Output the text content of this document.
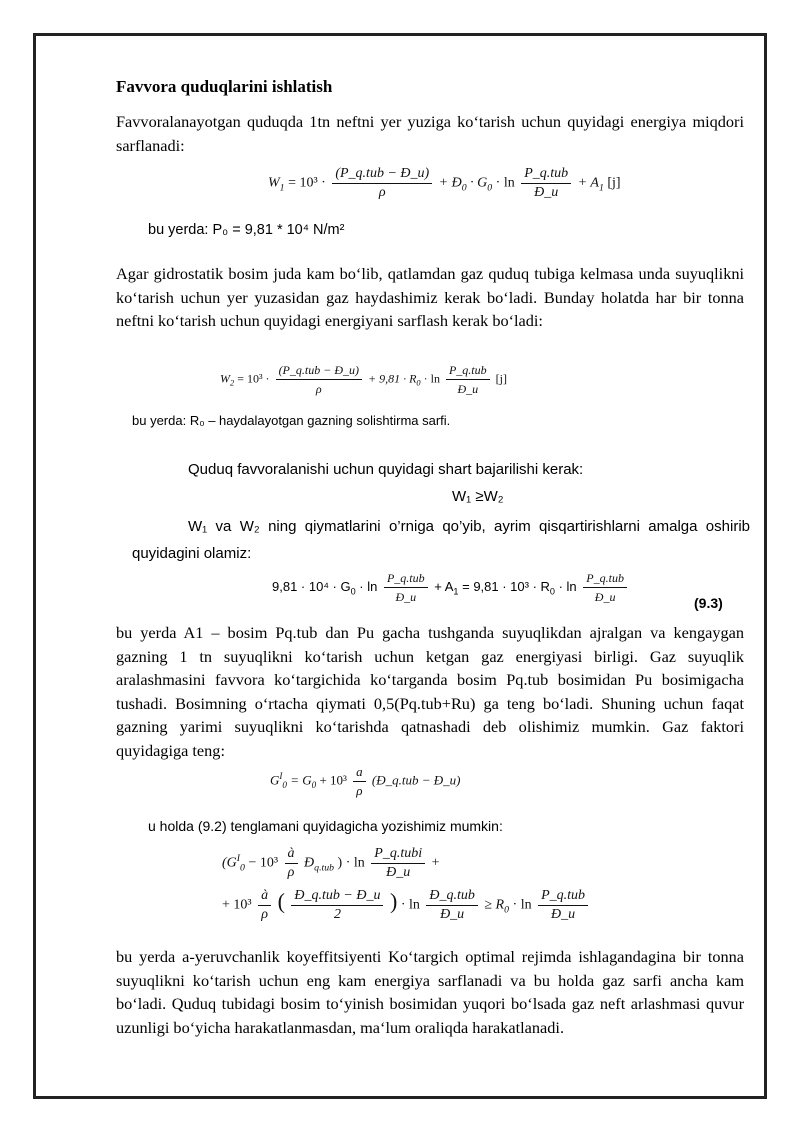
Favvora quduqlarini ishlatish
Favvoralanayotgan quduqda 1tn neftni yer yuziga ko‘tarish uchun quyidagi energiya miqdori sarflanadi:
$W_1 = 10^3 \cdot \frac{\text{(P\_q.tub − Đ\_u)}}{\rho}$ + $Đ_0 \cdot G_0 \cdot \ln \frac{\text{P\_q.tub}}{Đ\_u} + A_1$ [j]
bu yerda: P₀ = 9,81 * 10⁴ N/m²
Agar gidrostatik bosim juda kam bo‘lib, qatlamdan gaz quduq tubiga kelmasa unda suyuqlikni ko‘tarish uchun yer yuzasidan gaz haydashimiz kerak bo‘ladi. Bunday holatda har bir tonna neftni ko‘tarish uchun quyidagi energiyani sarflash kerak bo‘ladi:
$W_2 = 10^3 \cdot \frac{\text{(P\_q.tub − Đ\_u)}}{\rho} + 9,81 \cdot R_0 \cdot \ln \frac{\text{P\_q.tub}}{Đ\_u} [j]$
bu yerda: R₀ – haydalayotgan gazning solishtirma sarfi.
Quduq favvoralanishi uchun quyidagi shart bajarilishi kerak:
W₁ ≥W₂
W₁ va W₂ ning qiymatlarini o’rniga qo’yib, ayrim qisqartirishlarni amalga oshirib quyidagini olamiz:
$9,81 \cdot 10^4 \cdot G_0 \cdot \ln \frac{\text{P\_q.tub}}{Đ\_u} + A_1 = 9,81 \cdot 10^3 \cdot R_0 \cdot \ln \frac{\text{P\_q.tub}}{Đ\_u}$	(9.3)
bu yerda A1 – bosim Pq.tub dan Pu gacha tushganda suyuqlikdan ajralgan va kengaygan gazning 1 tn suyuqlikni ko‘tarish uchun ketgan gaz energiyasi birligi. Gaz suyuqlik aralashmasini favvora ko‘targichida ko‘targanda bosim Pq.tub bosimidan Pu bosimigacha tushadi. Bosimning o‘rtacha qiymati 0,5(Pq.tub+Ru) ga teng bo‘ladi. Shuning uchun faqat gazning yarimi suyuqlikni ko‘tarishda qatnashadi deb olishimiz mumkin. Gaz faktori quyidagiga teng:
$G^I_0 = G_0 + 10^3 \frac{a}{\rho}$ (Đ_q.tub − Đ_u)
u holda (9.2) tenglamani quyidagicha yozishimiz mumkin:
($G^I_0 - 10^3 \frac{à}{\rho}$ $Đ_{q.tub}$ ) · $\ln \frac{\text{P\_q.tubi}}{Đ\_u}$ +
+ $10^3 \frac{à}{\rho}$ ( $\frac{\text{Đ\_q.tub − Đ\_u}}{2}$ ) · $\ln \frac{\text{Đ\_q.tub}}{Đ\_u} \ge R_0 \cdot \ln \frac{\text{P\_q.tub}}{Đ\_u}$
bu yerda a-yeruvchanlik koyeffitsiyenti Ko‘targich optimal rejimda ishlagandagina bir tonna suyuqlikni ko‘tarish uchun eng kam energiya sarflanadi va bu holda gaz sarfi ancha kam bo‘ladi. Quduq tubidagi bosim to‘yinish bosimidan yuqori bo‘lsada gaz neft arlashmasi quvur uzunligi bo‘yicha harakatlanmasdan, ma‘lum oraliqda harakatlanadi.
